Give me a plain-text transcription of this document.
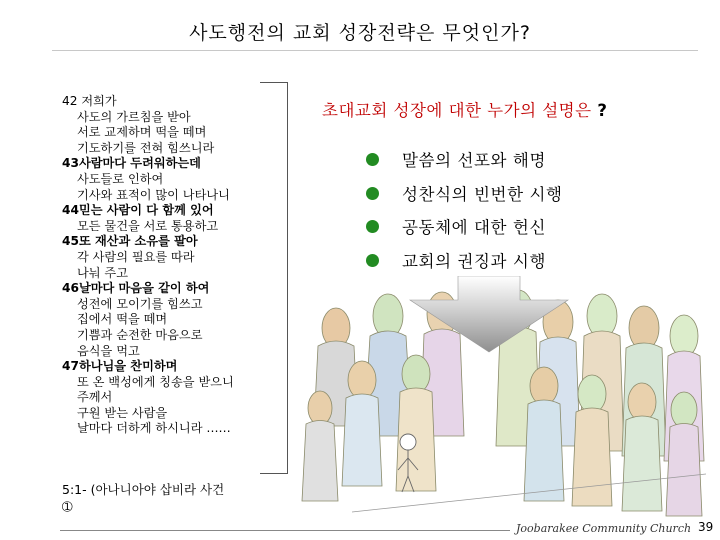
사도행전의 교회 성장전략은 무엇인가?
42 저희가
사도의 가르침을 받아
서로 교제하며 떡을 떼며
기도하기를 전혀 힘쓰니라
43사람마다 두려워하는데
사도들로 인하여
기사와 표적이 많이 나타나니
44믿는 사람이 다 함께 있어
모든 물건을 서로 통용하고
45또 재산과 소유를 팔아
각 사람의 필요를 따라
나눠 주고
46날마다 마음을 같이 하여
성전에 모이기를 힘쓰고
집에서 떡을 떼며
기쁨과 순전한 마음으로
음식을 먹고
47하나님을 찬미하며
또 온 백성에게 칭송을 받으니
주께서
구원 받는 사람을
날마다 더하게 하시니라 ……
5:1- (아나니아야 삽비라 사건
➀
초대교회 성장에 대한 누가의 설명은 ?
말씀의 선포와 해명
성찬식의 빈번한 시행
공동체에 대한 헌신
교회의 권징과 시행
Joobarakee Community Church 39
